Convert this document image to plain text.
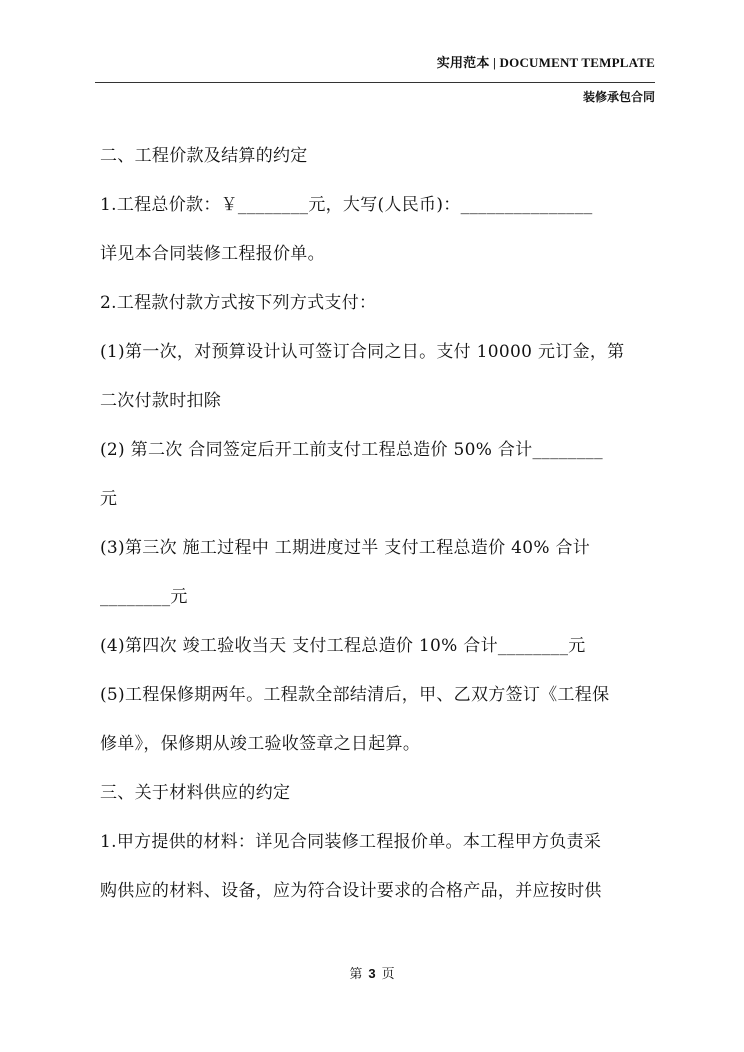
实用范本 | DOCUMENT TEMPLATE
装修承包合同
二、工程价款及结算的约定
1.工程总价款：￥________元，大写(人民币)：_______________
详见本合同装修工程报价单。
2.工程款付款方式按下列方式支付：
(1)第一次，对预算设计认可签订合同之日。支付 10000 元订金，第
二次付款时扣除
(2) 第二次 合同签定后开工前支付工程总造价 50% 合计________
元
(3)第三次 施工过程中 工期进度过半 支付工程总造价 40% 合计
________元
(4)第四次 竣工验收当天 支付工程总造价 10% 合计________元
(5)工程保修期两年。工程款全部结清后，甲、乙双方签订《工程保
修单》，保修期从竣工验收签章之日起算。
三、关于材料供应的约定
1.甲方提供的材料：详见合同装修工程报价单。本工程甲方负责采
购供应的材料、设备，应为符合设计要求的合格产品，并应按时供
第 3 页
